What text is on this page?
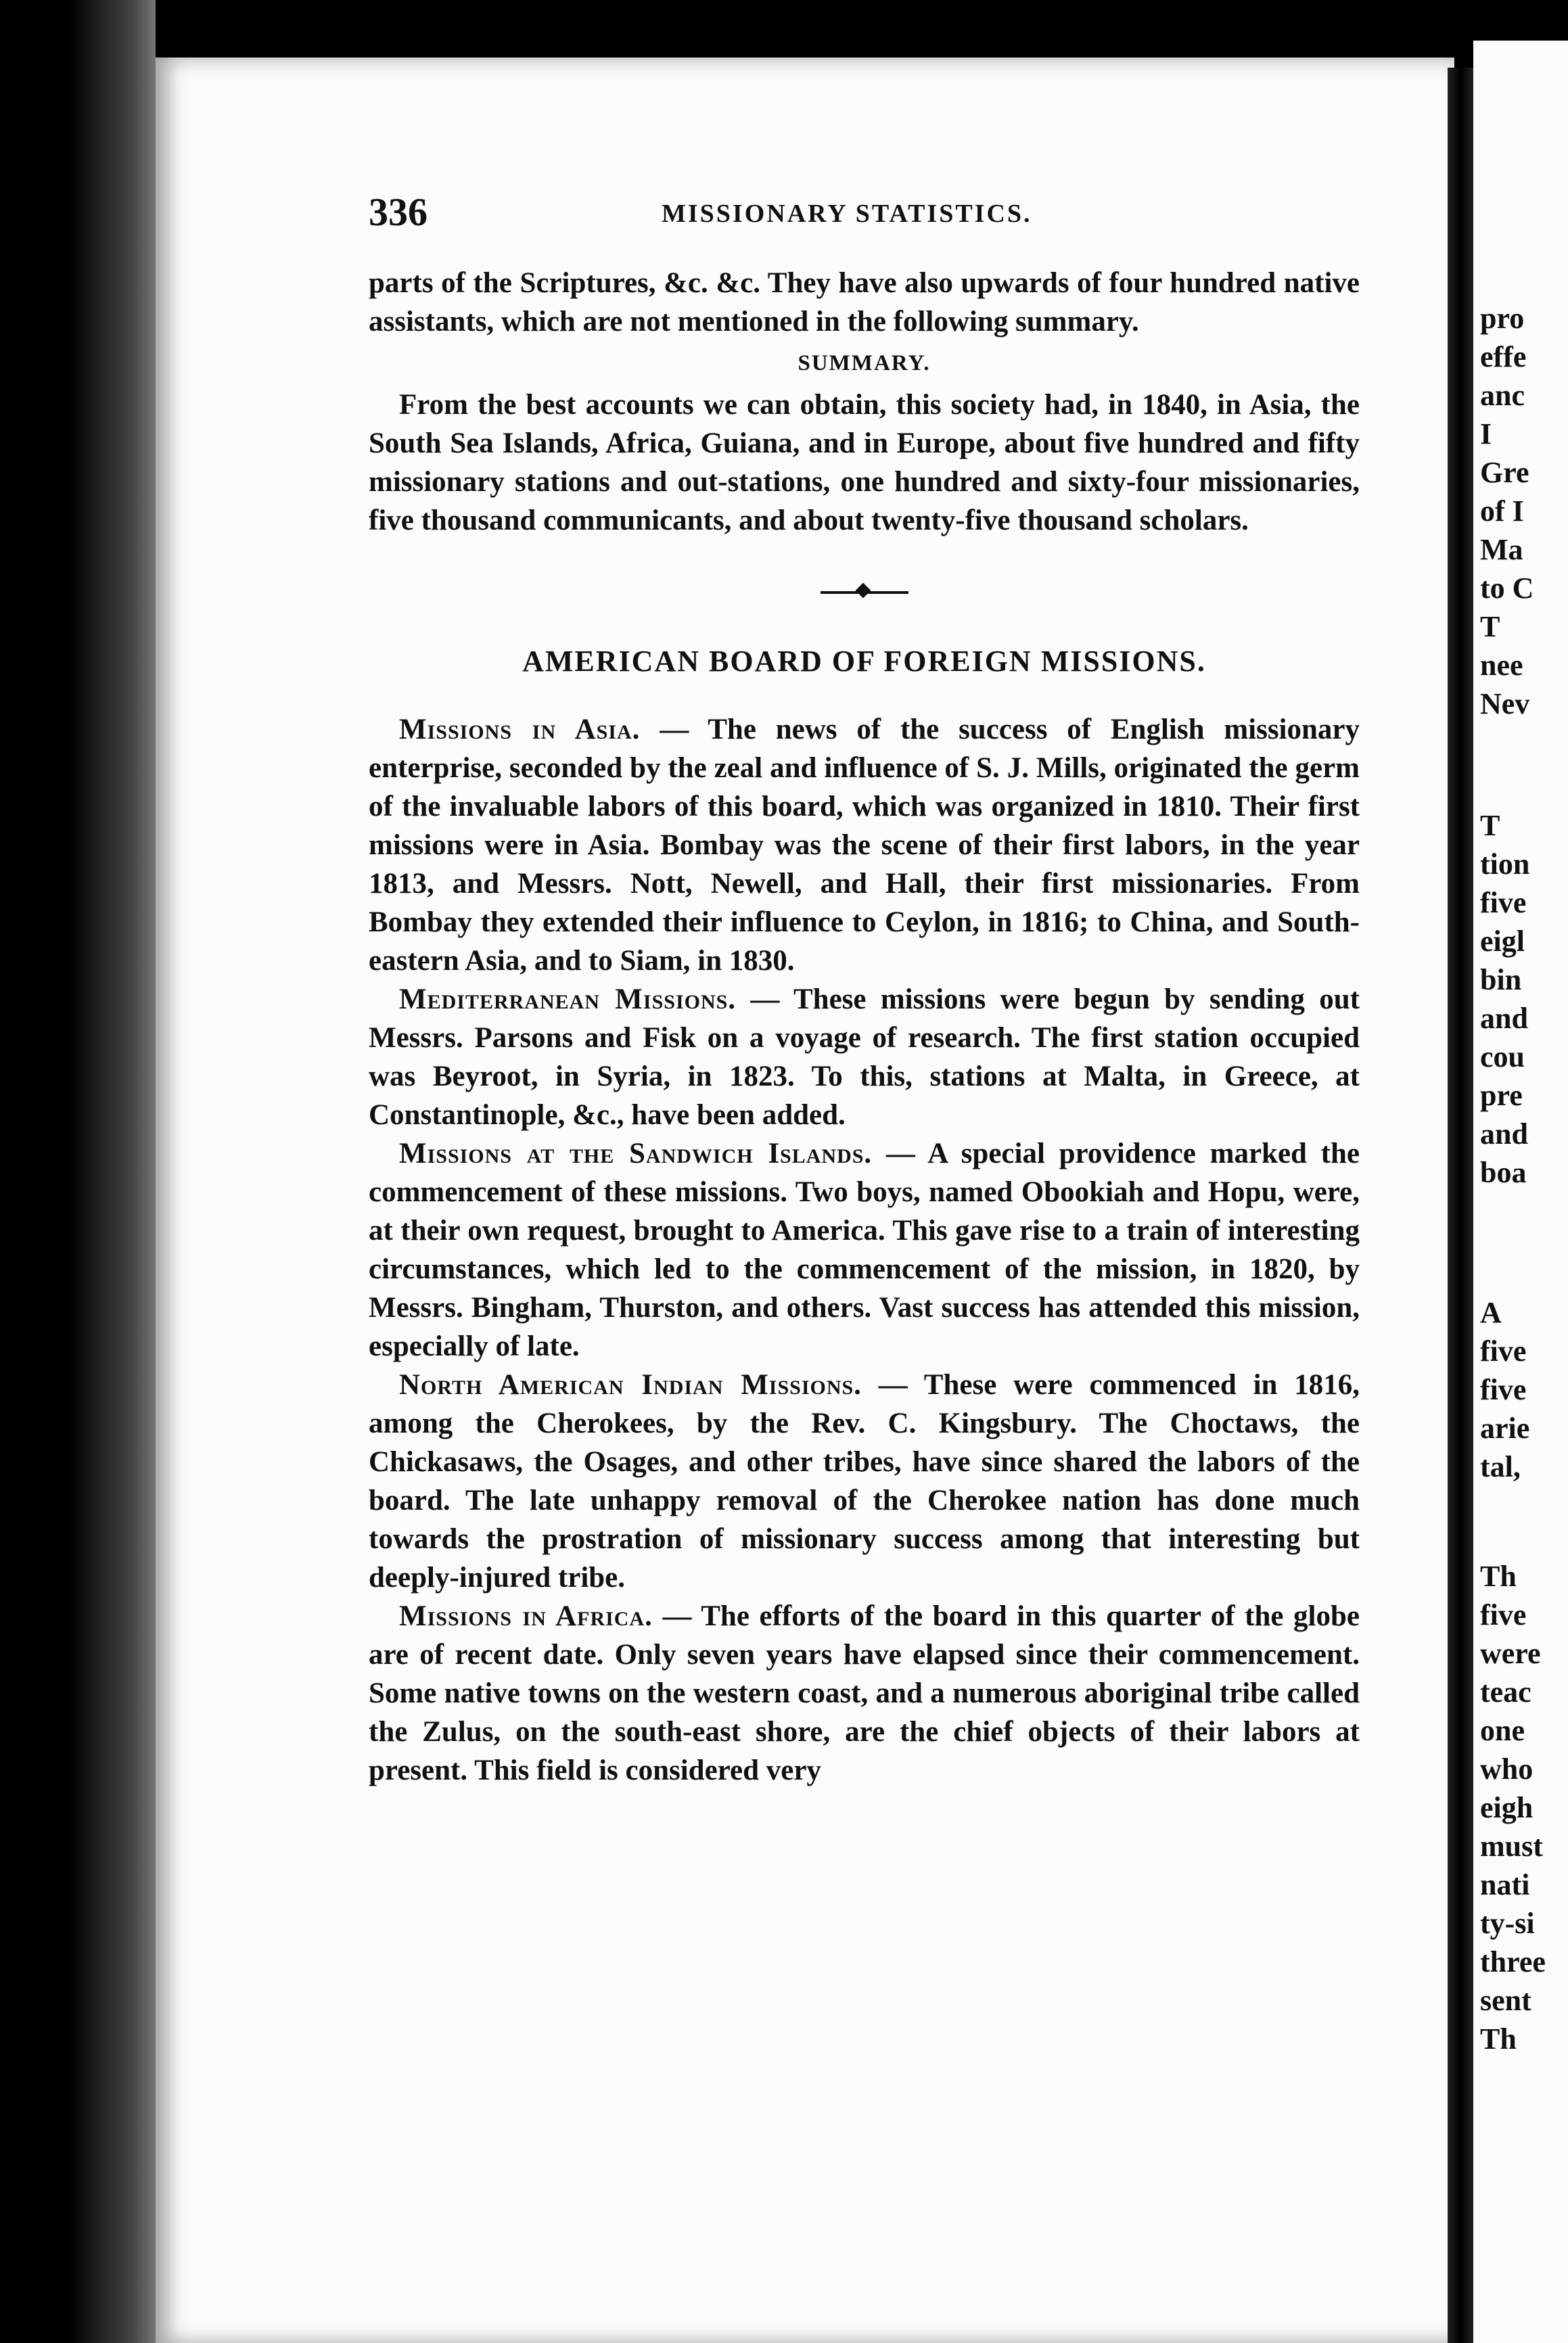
pro
effe
anc
I
Gre
of I
Ma
to C
T
nee
Nev
T
tion
five
eigl
bin
and
cou
pre
and
boa
A
five
five
arie
tal,
Th
five
were
teac
one
who
eigh
must
nati
ty-si
three
sent
Th
336	MISSIONARY STATISTICS.

parts of the Scriptures, &c. &c. They have also upwards of four hundred native assistants, which are not mentioned in the following summary.

SUMMARY.

From the best accounts we can obtain, this society had, in 1840, in Asia, the South Sea Islands, Africa, Guiana, and in Europe, about five hundred and fifty missionary stations and out-stations, one hundred and sixty-four missionaries, five thousand communicants, and about twenty-five thousand scholars.

AMERICAN BOARD OF FOREIGN MISSIONS.

Missions in Asia. — The news of the success of English missionary enterprise, seconded by the zeal and influence of S. J. Mills, originated the germ of the invaluable labors of this board, which was organized in 1810. Their first missions were in Asia. Bombay was the scene of their first labors, in the year 1813, and Messrs. Nott, Newell, and Hall, their first missionaries. From Bombay they extended their influence to Ceylon, in 1816; to China, and South-eastern Asia, and to Siam, in 1830.

Mediterranean Missions. — These missions were begun by sending out Messrs. Parsons and Fisk on a voyage of research. The first station occupied was Beyroot, in Syria, in 1823. To this, stations at Malta, in Greece, at Constantinople, &c., have been added.

Missions at the Sandwich Islands. — A special providence marked the commencement of these missions. Two boys, named Obookiah and Hopu, were, at their own request, brought to America. This gave rise to a train of interesting circumstances, which led to the commencement of the mission, in 1820, by Messrs. Bingham, Thurston, and others. Vast success has attended this mission, especially of late.

North American Indian Missions. — These were commenced in 1816, among the Cherokees, by the Rev. C. Kingsbury. The Choctaws, the Chickasaws, the Osages, and other tribes, have since shared the labors of the board. The late unhappy removal of the Cherokee nation has done much towards the prostration of missionary success among that interesting but deeply-injured tribe.

Missions in Africa. — The efforts of the board in this quarter of the globe are of recent date. Only seven years have elapsed since their commencement. Some native towns on the western coast, and a numerous aboriginal tribe called the Zulus, on the south-east shore, are the chief objects of their labors at present. This field is considered very
